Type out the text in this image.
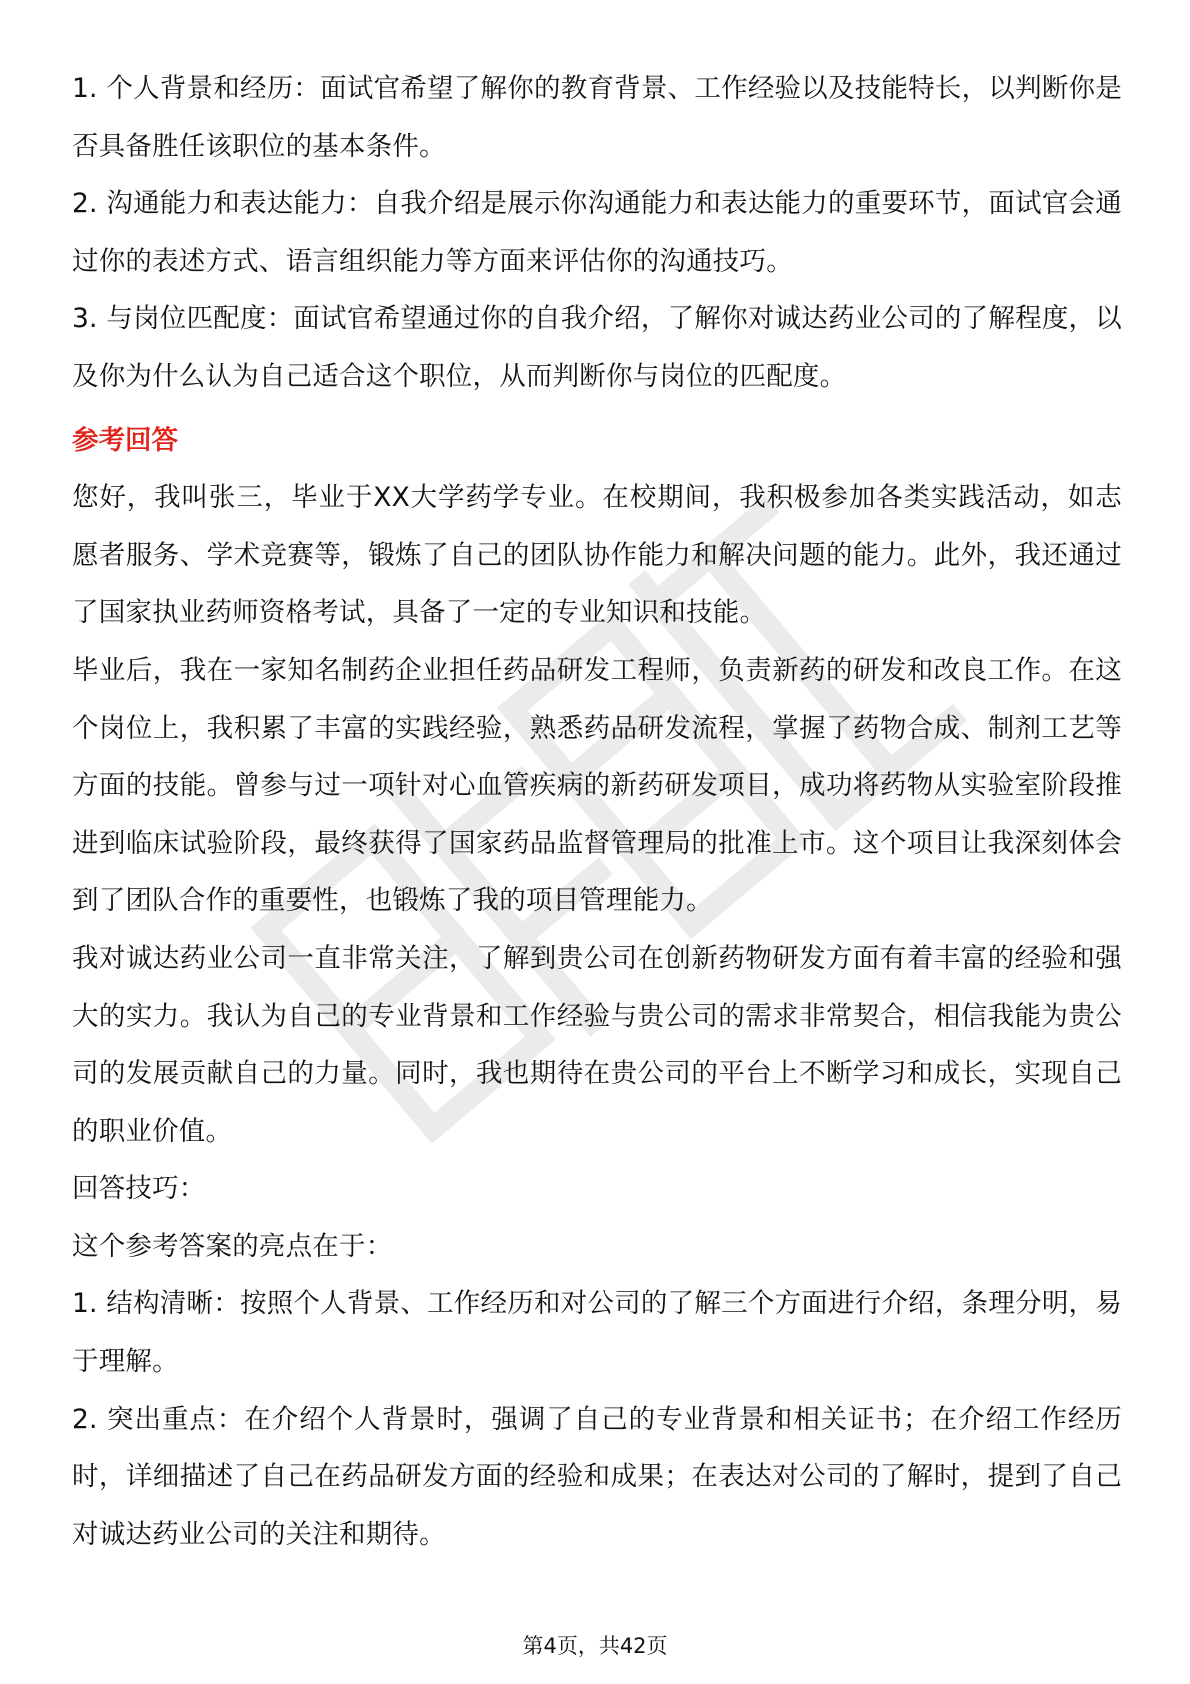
1. 个人背景和经历：面试官希望了解你的教育背景、工作经验以及技能特长，以判断你是否具备胜任该职位的基本条件。

2. 沟通能力和表达能力：自我介绍是展示你沟通能力和表达能力的重要环节，面试官会通过你的表述方式、语言组织能力等方面来评估你的沟通技巧。

3. 与岗位匹配度：面试官希望通过你的自我介绍，了解你对诚达药业公司的了解程度，以及你为什么认为自己适合这个职位，从而判断你与岗位的匹配度。

参考回答

您好，我叫张三，毕业于XX大学药学专业。在校期间，我积极参加各类实践活动，如志愿者服务、学术竞赛等，锻炼了自己的团队协作能力和解决问题的能力。此外，我还通过了国家执业药师资格考试，具备了一定的专业知识和技能。

毕业后，我在一家知名制药企业担任药品研发工程师，负责新药的研发和改良工作。在这个岗位上，我积累了丰富的实践经验，熟悉药品研发流程，掌握了药物合成、制剂工艺等方面的技能。曾参与过一项针对心血管疾病的新药研发项目，成功将药物从实验室阶段推进到临床试验阶段，最终获得了国家药品监督管理局的批准上市。这个项目让我深刻体会到了团队合作的重要性，也锻炼了我的项目管理能力。

我对诚达药业公司一直非常关注，了解到贵公司在创新药物研发方面有着丰富的经验和强大的实力。我认为自己的专业背景和工作经验与贵公司的需求非常契合，相信我能为贵公司的发展贡献自己的力量。同时，我也期待在贵公司的平台上不断学习和成长，实现自己的职业价值。

回答技巧：

这个参考答案的亮点在于：

1. 结构清晰：按照个人背景、工作经历和对公司的了解三个方面进行介绍，条理分明，易于理解。

2. 突出重点：在介绍个人背景时，强调了自己的专业背景和相关证书；在介绍工作经历时，详细描述了自己在药品研发方面的经验和成果；在表达对公司的了解时，提到了自己对诚达药业公司的关注和期待。

第4页，共42页
